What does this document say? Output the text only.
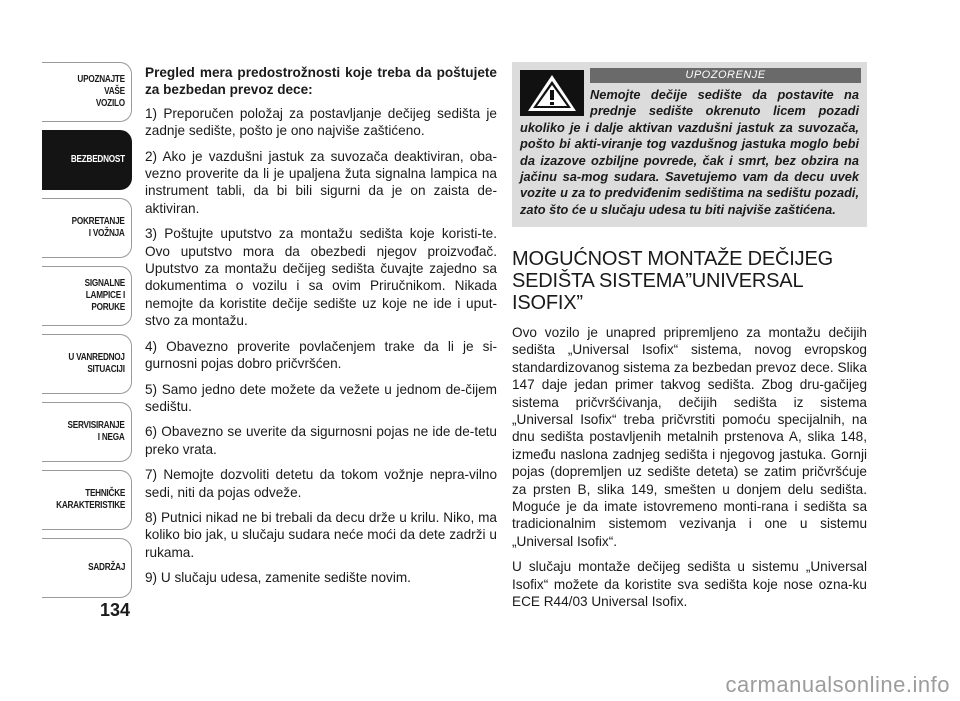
UPOZNAJTE
VAŠE
VOZILO
BEZBEDNOST
POKRETANJE
I VOŽNJA
SIGNALNE
LAMPICE I PORUKE
U VANREDNOJ
SITUACIJI
SERVISIRANJE
I NEGA
TEHNIČKE
KARAKTERISTIKE
SADRŽAJ
134

Pregled mera predostrožnosti koje treba da poštujete za bezbedan prevoz dece:

1) Preporučen položaj za postavljanje dečijeg sedišta je zadnje sedište, pošto je ono najviše zaštićeno.

2) Ako je vazdušni jastuk za suvozača deaktiviran, oba-vezno proverite da li je upaljena žuta signalna lampica na instrument tabli, da bi bili sigurni da je on zaista de-aktiviran.

3) Poštujte uputstvo za montažu sedišta koje koristi-te. Ovo uputstvo mora da obezbedi njegov proizvođač. Uputstvo za montažu dečijeg sedišta čuvajte zajedno sa dokumentima o vozilu i sa ovim Priručnikom. Nikada nemojte da koristite dečije sedište uz koje ne ide i uput-stvo za montažu.

4) Obavezno proverite povlačenjem trake da li je si-gurnosni pojas dobro pričvršćen.

5) Samo jedno dete možete da vežete u jednom de-čijem sedištu.

6) Obavezno se uverite da sigurnosni pojas ne ide de-tetu preko vrata.

7) Nemojte dozvoliti detetu da tokom vožnje nepra-vilno sedi, niti da pojas odveže.

8) Putnici nikad ne bi trebali da decu drže u krilu. Niko, ma koliko bio jak, u slučaju sudara neće moći da dete zadrži u rukama.

9) U slučaju udesa, zamenite sedište novim.

UPOZORENJE
Nemojte dečije sedište da postavite na prednje sedište okrenuto licem pozadi ukoliko je i dalje aktivan vazdušni jastuk za suvozača, pošto bi akti-viranje tog vazdušnog jastuka moglo bebi da izazove ozbiljne povrede, čak i smrt, bez obzira na jačinu sa-mog sudara. Savetujemo vam da decu uvek vozite u za to predviđenim sedištima na sedištu pozadi, zato što će u slučaju udesa tu biti najviše zaštićena.
MOGUĆNOST MONTAŽE DEČIJEG
SEDIŠTA SISTEMA”UNIVERSAL ISOFIX”

Ovo vozilo je unapred pripremljeno za montažu dečijih sedišta „Universal Isofix“ sistema, novog evropskog standardizovanog sistema za bezbedan prevoz dece. Slika 147 daje jedan primer takvog sedišta. Zbog dru-gačijeg sistema pričvršćivanja, dečijih sedišta iz sistema „Universal Isofix“ treba pričvrstiti pomoću specijalnih, na dnu sedišta postavljenih metalnih prstenova A, slika 148, između naslona zadnjeg sedišta i njegovog jastuka. Gornji pojas (dopremljen uz sedište deteta) se zatim pričvršćuje za prsten B, slika 149, smešten u donjem delu sedišta. Moguće je da imate istovremeno monti-rana i sedišta sa tradicionalnim sistemom vezivanja i one u sistemu „Universal Isofix“.

U slučaju montaže dečijeg sedišta u sistemu „Universal Isofix“ možete da koristite sva sedišta koje nose ozna-ku ECE R44/03 Universal Isofix.

carmanualsonline.info
